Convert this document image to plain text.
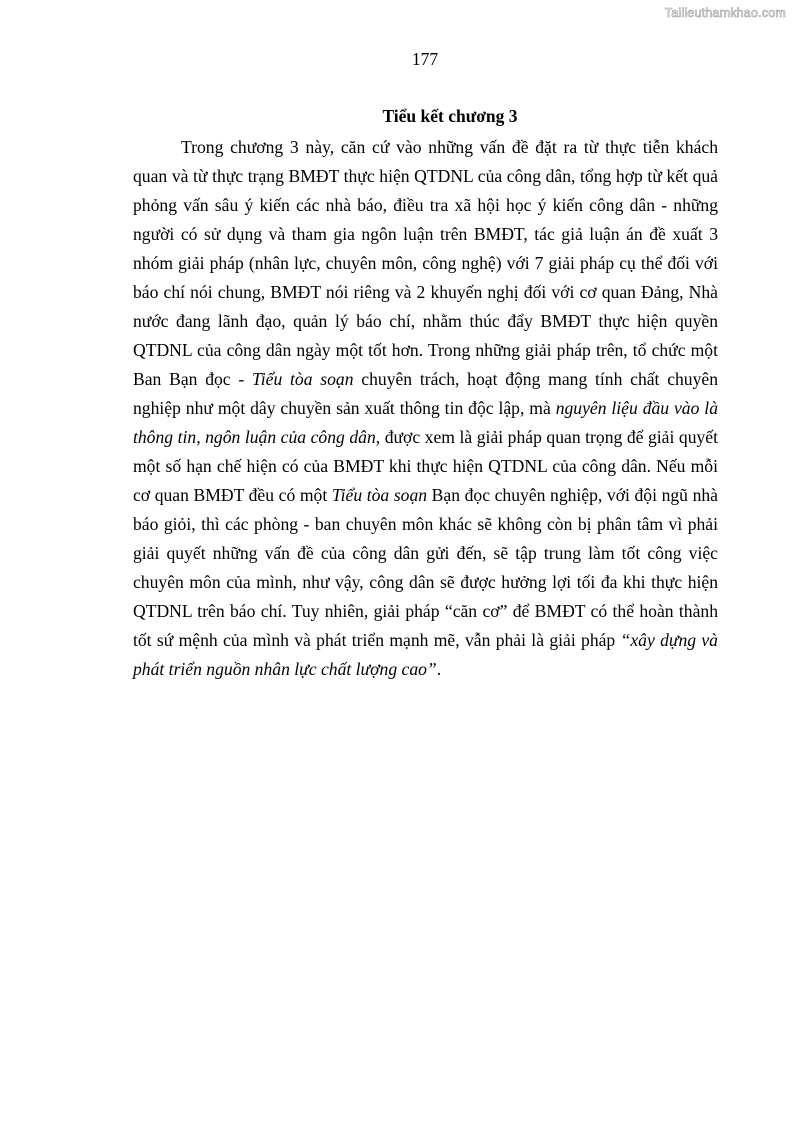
Tailieuthamkhao.com
177
Tiểu kết chương 3

Trong chương 3 này, căn cứ vào những vấn đề đặt ra từ thực tiễn khách quan và từ thực trạng BMĐT thực hiện QTDNL của công dân, tổng hợp từ kết quả phỏng vấn sâu ý kiến các nhà báo, điều tra xã hội học ý kiến công dân - những người có sử dụng và tham gia ngôn luận trên BMĐT, tác giả luận án đề xuất 3 nhóm giải pháp (nhân lực, chuyên môn, công nghệ) với 7 giải pháp cụ thể đối với báo chí nói chung, BMĐT nói riêng và 2 khuyến nghị đối với cơ quan Đảng, Nhà nước đang lãnh đạo, quản lý báo chí, nhằm thúc đẩy BMĐT thực hiện quyền QTDNL của công dân ngày một tốt hơn. Trong những giải pháp trên, tổ chức một Ban Bạn đọc - Tiểu tòa soạn chuyên trách, hoạt động mang tính chất chuyên nghiệp như một dây chuyền sản xuất thông tin độc lập, mà nguyên liệu đầu vào là thông tin, ngôn luận của công dân, được xem là giải pháp quan trọng để giải quyết một số hạn chế hiện có của BMĐT khi thực hiện QTDNL của công dân. Nếu mỗi cơ quan BMĐT đều có một Tiểu tòa soạn Bạn đọc chuyên nghiệp, với đội ngũ nhà báo giỏi, thì các phòng - ban chuyên môn khác sẽ không còn bị phân tâm vì phải giải quyết những vấn đề của công dân gửi đến, sẽ tập trung làm tốt công việc chuyên môn của mình, như vậy, công dân sẽ được hưởng lợi tối đa khi thực hiện QTDNL trên báo chí. Tuy nhiên, giải pháp “căn cơ” để BMĐT có thể hoàn thành tốt sứ mệnh của mình và phát triển mạnh mẽ, vẫn phải là giải pháp “xây dựng và phát triển nguồn nhân lực chất lượng cao”.
